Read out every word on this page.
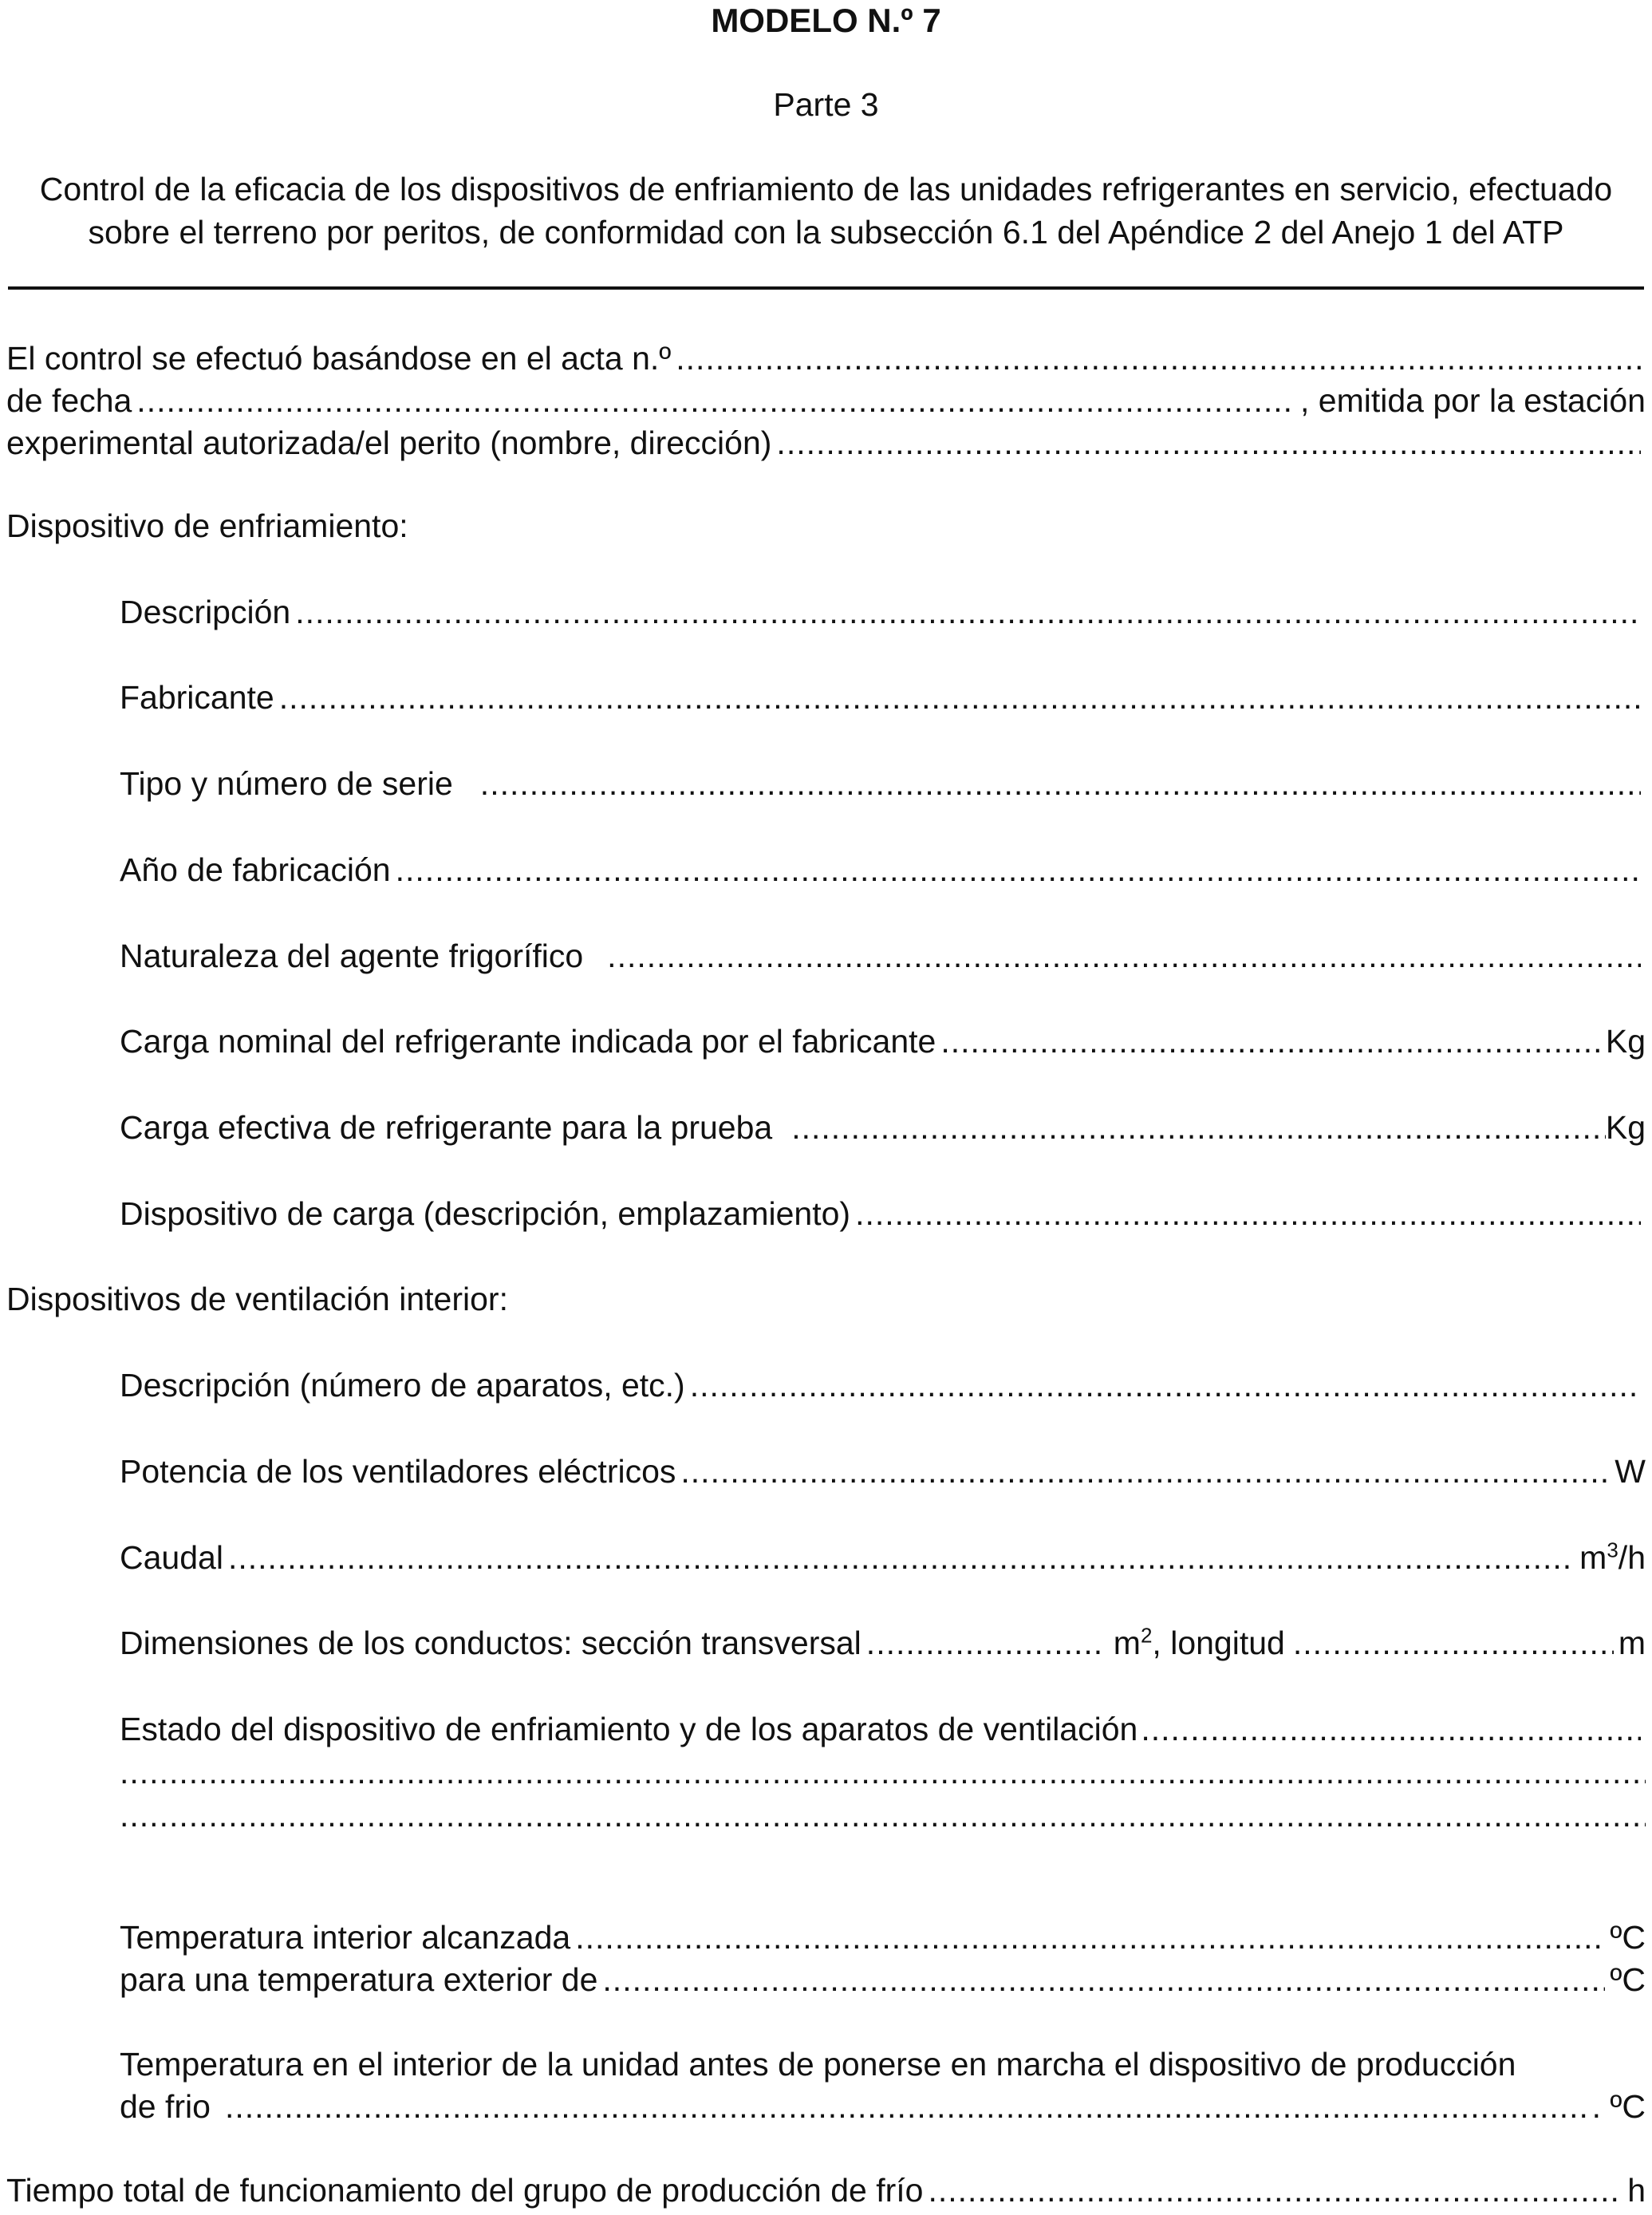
MODELO N.º 7
Parte 3
Control de la eficacia de los dispositivos de enfriamiento de las unidades refrigerantes en servicio, efectuado
sobre el terreno por peritos, de conformidad con la subsección 6.1 del Apéndice 2 del Anejo 1 del ATP
El control se efectuó basándose en el acta n.º
.....
de fecha .....	, emitida por la estación
experimental autorizada/el perito (nombre, dirección)
.....
Dispositivo de enfriamiento:
Descripción
.....
Fabricante
.....
Tipo y número de serie
.....
Año de fabricación
.....
Naturaleza del agente frigorífico
.....
Carga nominal del refrigerante indicada por el fabricante .....	Kg
Carga efectiva de refrigerante para la prueba .....	Kg
Dispositivo de carga (descripción, emplazamiento)
.....
Dispositivos de ventilación interior:
Descripción (número de aparatos, etc.)
.....
Potencia de los ventiladores eléctricos .....	W
Caudal .....	$m^3/h$
Dimensiones de los conductos: sección transversal .....	$m^2$, longitud .....	m
Estado del dispositivo de enfriamiento y de los aparatos de ventilación
.....
.....
.....
Temperatura interior alcanzada .....	ºC
para una temperatura exterior de .....	ºC
Temperatura en el interior de la unidad antes de ponerse en marcha el dispositivo de producción
de frio .....	. ºC
Tiempo total de funcionamiento del grupo de producción de frío .....	h
